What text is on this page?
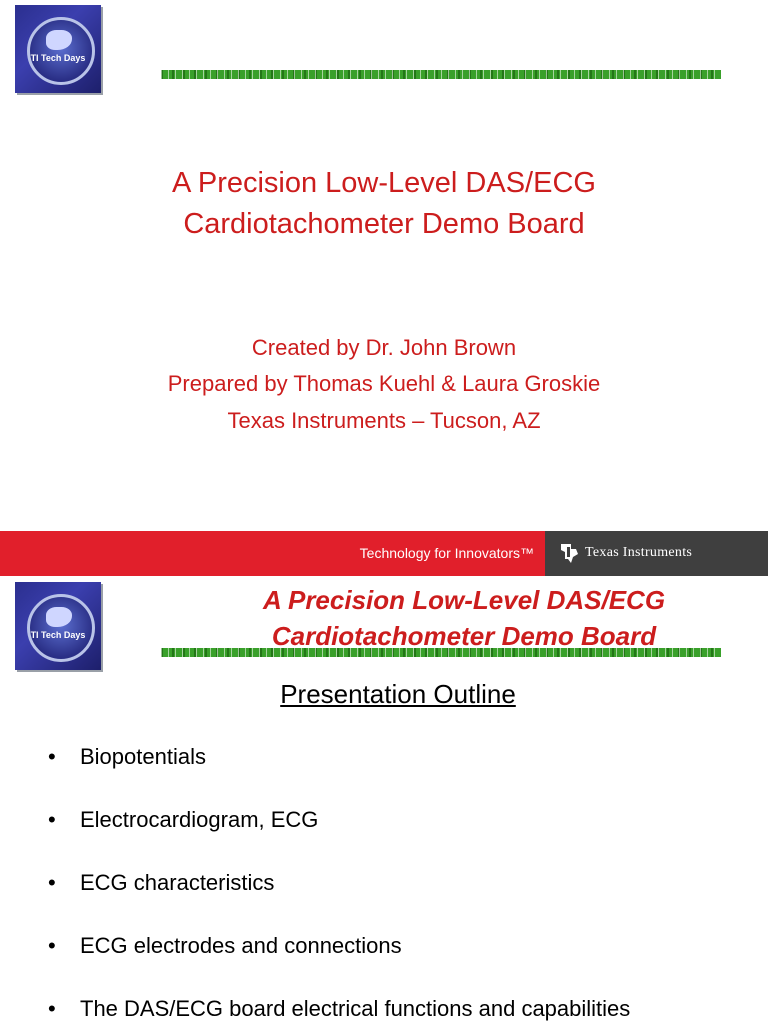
TI Tech Days
A Precision Low-Level DAS/ECG
Cardiotachometer Demo Board
Created by Dr. John Brown
Prepared by Thomas Kuehl & Laura Groskie
Texas Instruments – Tucson, AZ
Technology for Innovators™	Texas Instruments
TI Tech Days
A Precision Low-Level DAS/ECG
Cardiotachometer Demo Board
Presentation Outline
• Biopotentials
• Electrocardiogram, ECG
• ECG characteristics
• ECG electrodes and connections
• The DAS/ECG board electrical functions and capabilities
